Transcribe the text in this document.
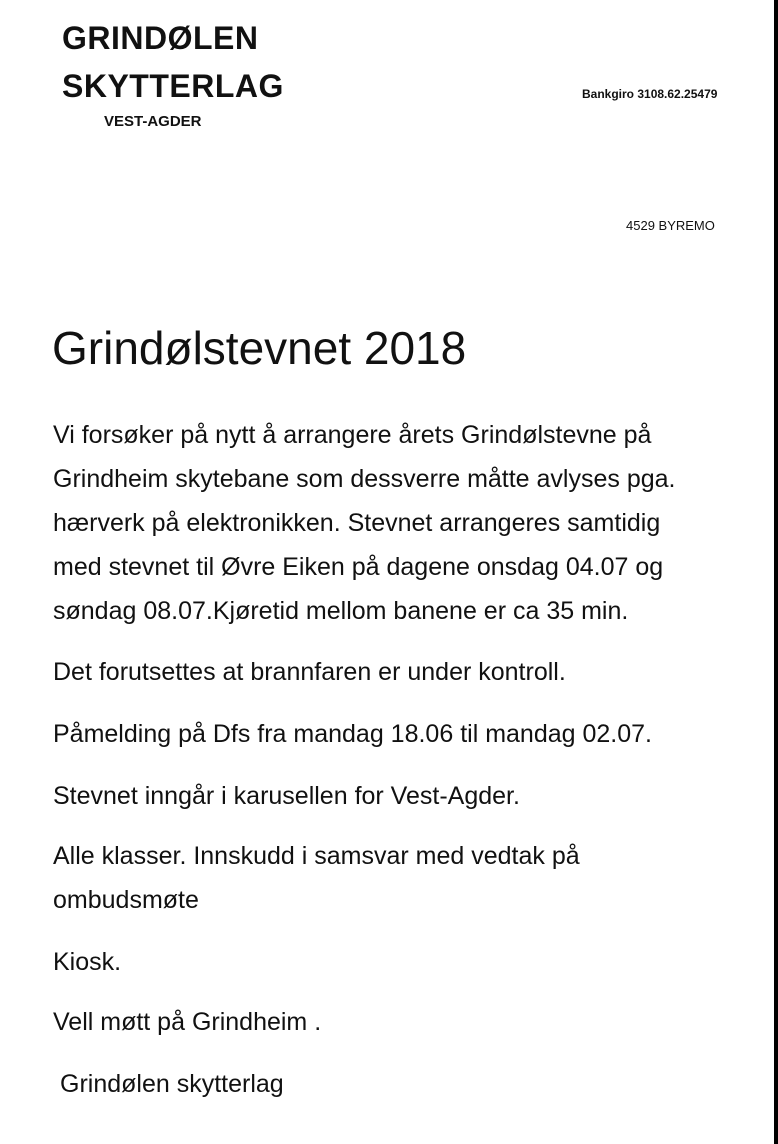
GRINDØLEN
SKYTTERLAG
VEST-AGDER
Bankgiro 3108.62.25479
4529 BYREMO
Grindølstevnet 2018
Vi forsøker på nytt å arrangere årets Grindølstevne på
Grindheim skytebane som dessverre måtte avlyses pga.
hærverk på elektronikken. Stevnet arrangeres samtidig
med stevnet til Øvre Eiken på dagene onsdag 04.07 og
søndag 08.07.Kjøretid mellom banene er ca 35 min.
Det forutsettes at brannfaren er under kontroll.
Påmelding på Dfs fra mandag 18.06 til mandag 02.07.
Stevnet inngår i karusellen for Vest-Agder.
Alle klasser. Innskudd i samsvar med vedtak på
ombudsmøte
Kiosk.
Vell møtt på Grindheim .
Grindølen skytterlag
